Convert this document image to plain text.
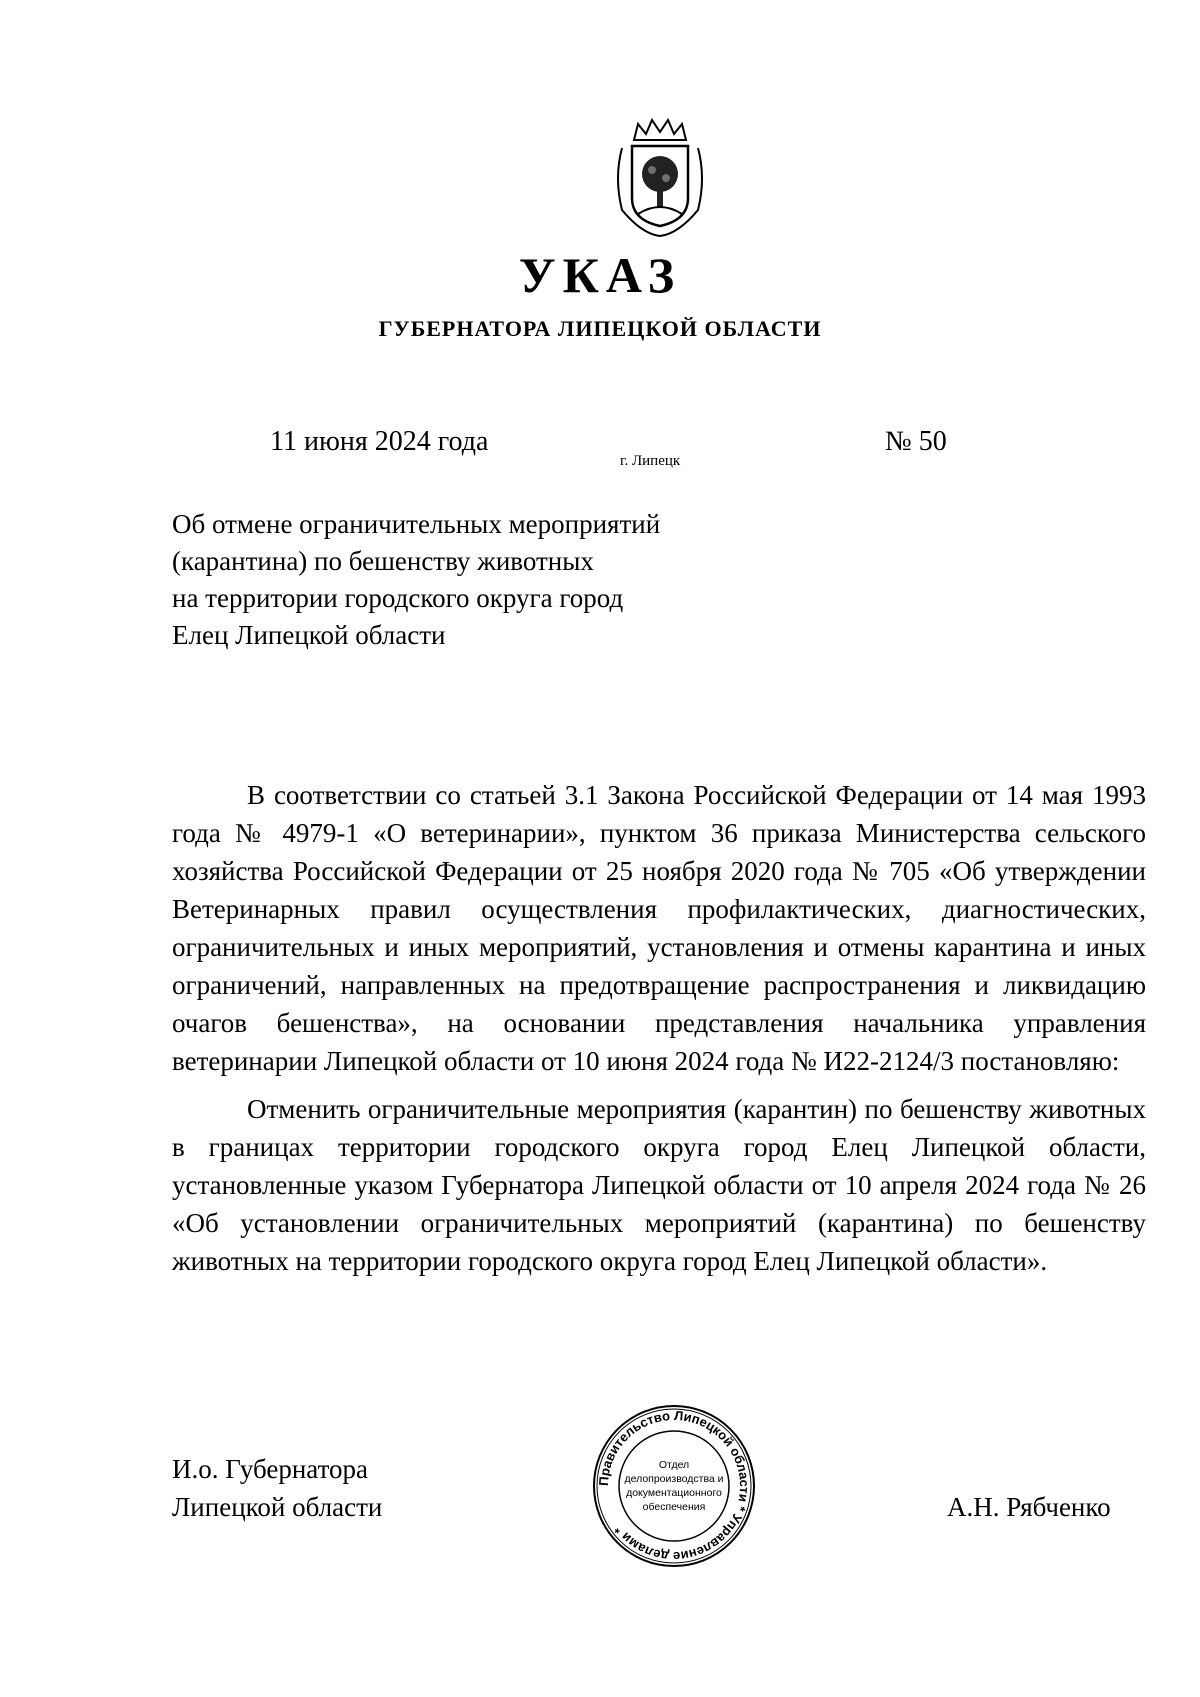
УКАЗ
ГУБЕРНАТОРА ЛИПЕЦКОЙ ОБЛАСТИ
11 июня 2024 года
г. Липецк
№ 50
Об отмене ограничительных мероприятий
(карантина) по бешенству животных
на территории городского округа город
Елец Липецкой области

В соответствии со статьей 3.1 Закона Российской Федерации от 14 мая 1993 года № 4979-1 «О ветеринарии», пунктом 36 приказа Министерства сельского хозяйства Российской Федерации от 25 ноября 2020 года № 705 «Об утверждении Ветеринарных правил осуществления профилактических, диагностических, ограничительных и иных мероприятий, установления и отмены карантина и иных ограничений, направленных на предотвращение распространения и ликвидацию очагов бешенства», на основании представления начальника управления ветеринарии Липецкой области от 10 июня 2024 года № И22-2124/3 постановляю:

Отменить ограничительные мероприятия (карантин) по бешенству животных в границах территории городского округа город Елец Липецкой области, установленные указом Губернатора Липецкой области от 10 апреля 2024 года № 26 «Об установлении ограничительных мероприятий (карантина) по бешенству животных на территории городского округа город Елец Липецкой области».

И.о. Губернатора
Липецкой области
Правительство Липецкой области * Управление делами *
Отдел
делопроизводства и
документационного
обеспечения	А.Н. Рябченко
